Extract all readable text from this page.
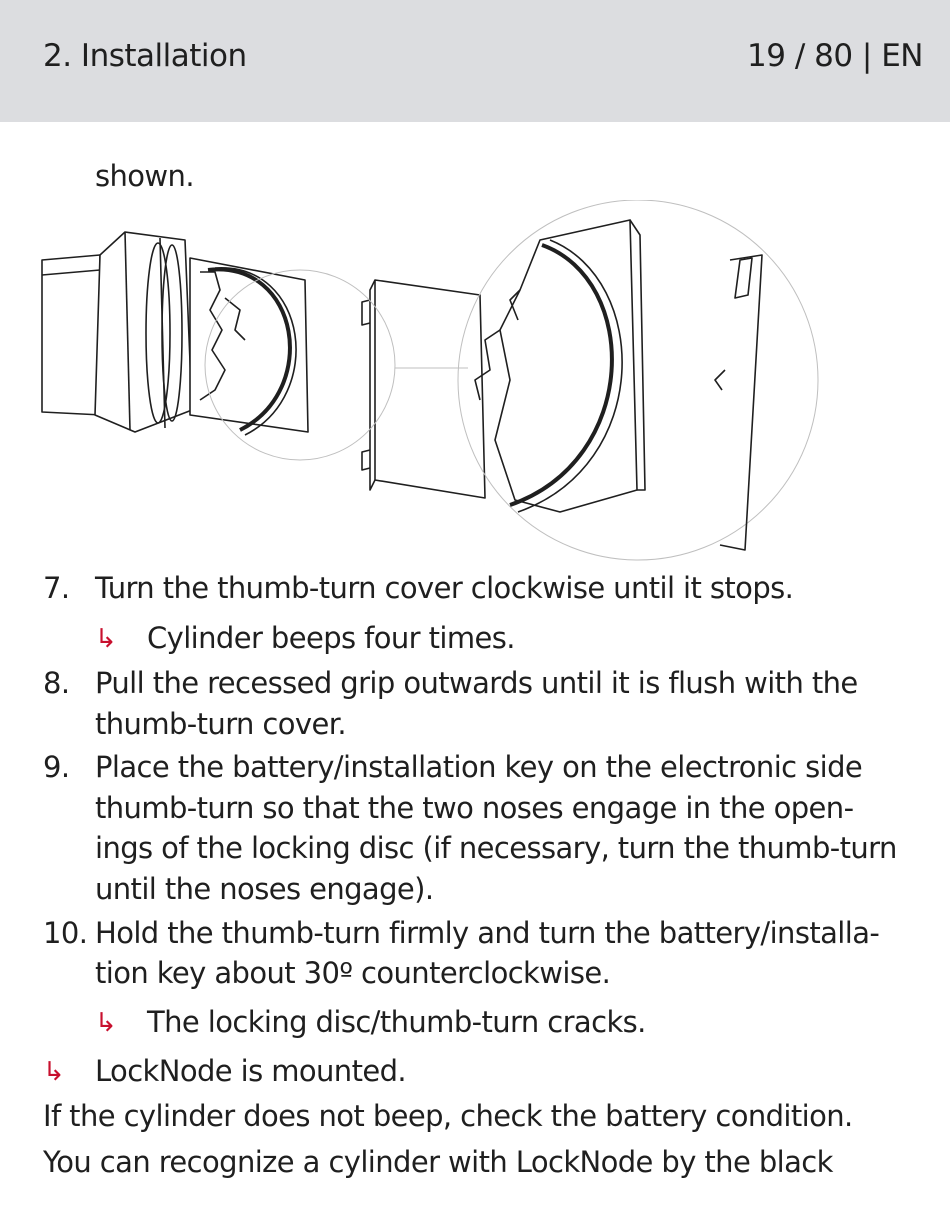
2. Installation	19 / 80 | EN
shown.
7. Turn the thumb-turn cover clockwise until it stops.
↳ Cylinder beeps four times.
8. Pull the recessed grip outwards until it is flush with the
thumb-turn cover.
9. Place the battery/installation key on the electronic side
thumb-turn so that the two noses engage in the open-
ings of the locking disc (if necessary, turn the thumb-turn
until the noses engage).
10. Hold the thumb-turn firmly and turn the battery/installa-
tion key about 30º counterclockwise.
↳ The locking disc/thumb-turn cracks.
↳ LockNode is mounted.
If the cylinder does not beep, check the battery condition.
You can recognize a cylinder with LockNode by the black
